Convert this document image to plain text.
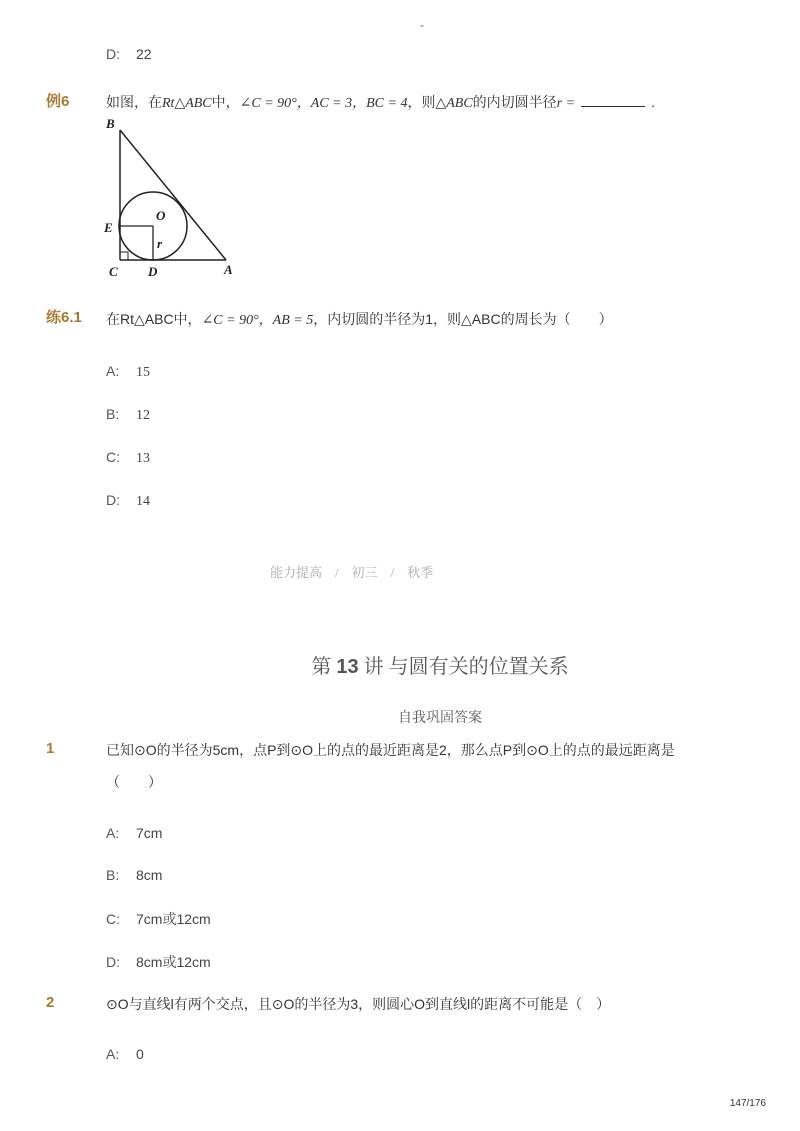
-
D: 22
例6	如图，在Rt△ABC中，∠C = 90°，AC = 3，BC = 4，则△ABC的内切圆半径r =	.
B
E
O
r
C D	A
练6.1 在Rt△ABC中，∠C = 90°，AB = 5，内切圆的半径为1，则△ABC的周长为（　　）
A: 15
B: 12
C: 13
D: 14
能力提高　/　初三　/　秋季
第 13 讲 与圆有关的位置关系
自我巩固答案
1	已知⊙O的半径为5cm，点P到⊙O上的点的最近距离是2，那么点P到⊙O上的点的最远距离是
（　　）
A: 7cm
B: 8cm
C: 7cm或12cm
D: 8cm或12cm
2	⊙O与直线l有两个交点，且⊙O的半径为3，则圆心O到直线l的距离不可能是（　）
A: 0
147/176
